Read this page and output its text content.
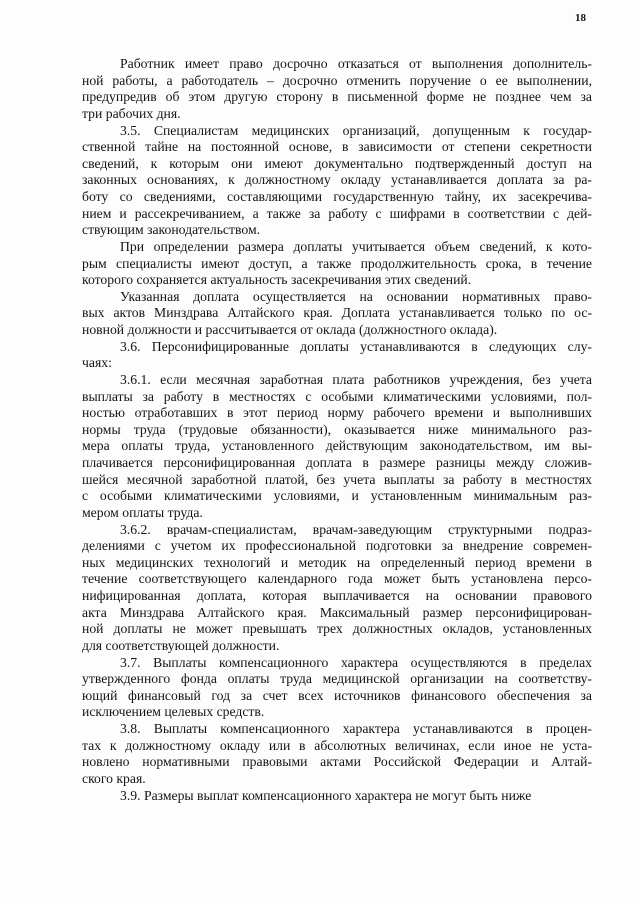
18
Работник имеет право досрочно отказаться от выполнения дополнитель-
ной работы, а работодатель – досрочно отменить поручение о ее выполнении,
предупредив об этом другую сторону в письменной форме не позднее чем за
три рабочих дня.
3.5. Специалистам медицинских организаций, допущенным к государ-
ственной тайне на постоянной основе, в зависимости от степени секретности
сведений, к которым они имеют документально подтвержденный доступ на
законных основаниях, к должностному окладу устанавливается доплата за ра-
боту со сведениями, составляющими государственную тайну, их засекречива-
нием и рассекречиванием, а также за работу с шифрами в соответствии с дей-
ствующим законодательством.
При определении размера доплаты учитывается объем сведений, к кото-
рым специалисты имеют доступ, а также продолжительность срока, в течение
которого сохраняется актуальность засекречивания этих сведений.
Указанная доплата осуществляется на основании нормативных право-
вых актов Минздрава Алтайского края. Доплата устанавливается только по ос-
новной должности и рассчитывается от оклада (должностного оклада).
3.6. Персонифицированные доплаты устанавливаются в следующих слу-
чаях:
3.6.1. если месячная заработная плата работников учреждения, без учета
выплаты за работу в местностях с особыми климатическими условиями, пол-
ностью отработавших в этот период норму рабочего времени и выполнивших
нормы труда (трудовые обязанности), оказывается ниже минимального раз-
мера оплаты труда, установленного действующим законодательством, им вы-
плачивается персонифицированная доплата в размере разницы между сложив-
шейся месячной заработной платой, без учета выплаты за работу в местностях
с особыми климатическими условиями, и установленным минимальным раз-
мером оплаты труда.
3.6.2. врачам-специалистам, врачам-заведующим структурными подраз-
делениями с учетом их профессиональной подготовки за внедрение современ-
ных медицинских технологий и методик на определенный период времени в
течение соответствующего календарного года может быть установлена персо-
нифицированная доплата, которая выплачивается на основании правового
акта Минздрава Алтайского края. Максимальный размер персонифицирован-
ной доплаты не может превышать трех должностных окладов, установленных
для соответствующей должности.
3.7. Выплаты компенсационного характера осуществляются в пределах
утвержденного фонда оплаты труда медицинской организации на соответству-
ющий финансовый год за счет всех источников финансового обеспечения за
исключением целевых средств.
3.8. Выплаты компенсационного характера устанавливаются в процен-
тах к должностному окладу или в абсолютных величинах, если иное не уста-
новлено нормативными правовыми актами Российской Федерации и Алтай-
ского края.
3.9. Размеры выплат компенсационного характера не могут быть ниже
